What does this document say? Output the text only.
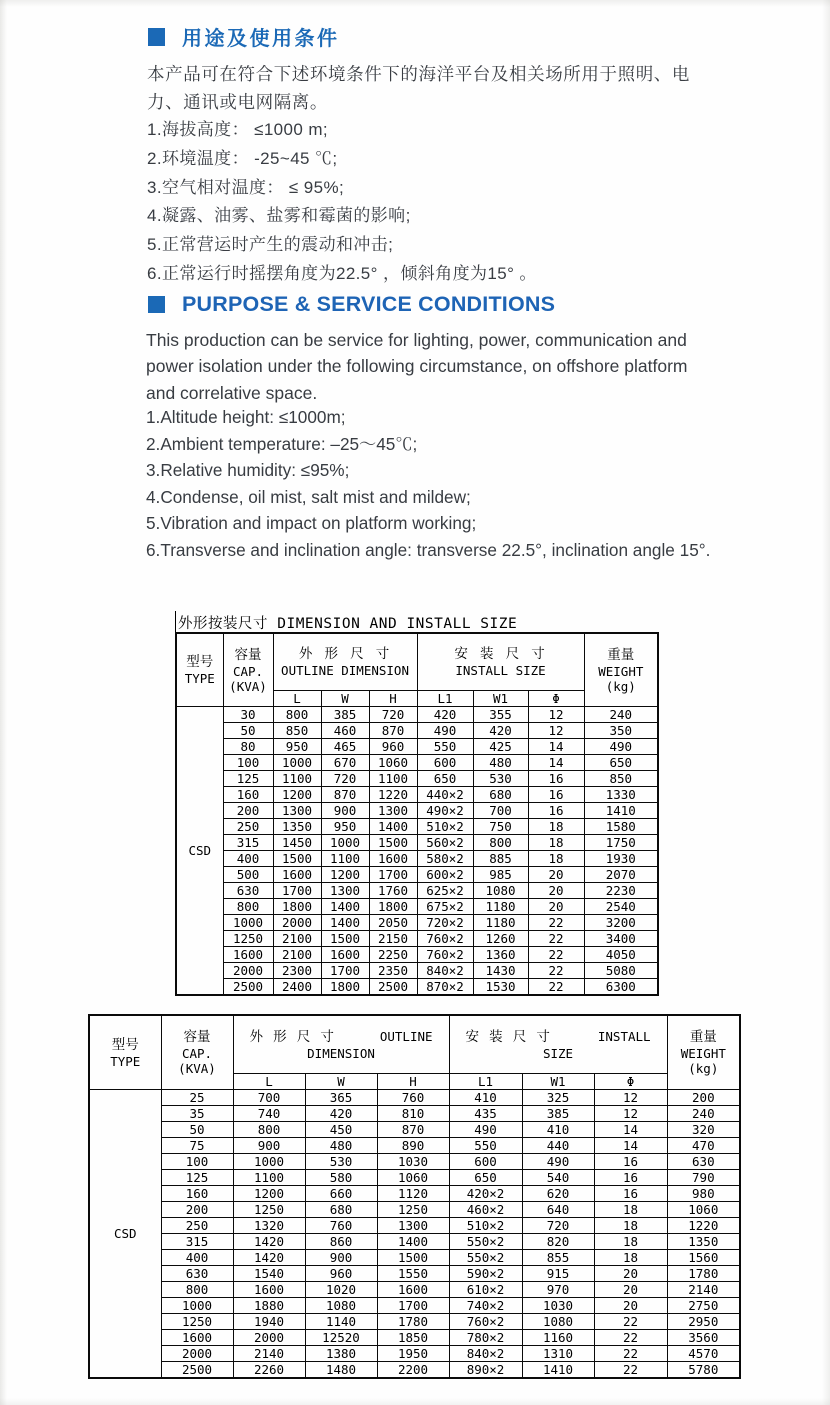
用途及使用条件

本产品可在符合下述环境条件下的海洋平台及相关场所用于照明、电力、通讯或电网隔离。

1.海拔高度： ≤1000 m;
2.环境温度： -25~45 ℃;
3.空气相对温度： ≤ 95%;
4.凝露、油雾、盐雾和霉菌的影响;
5.正常营运时产生的震动和冲击;
6.正常运行时摇摆角度为22.5° ，倾斜角度为15° 。
PURPOSE & SERVICE CONDITIONS

This production can be service for lighting, power, communication and power isolation under the following circumstance, on offshore platform and correlative space.

1.Altitude height: ≤1000m;
2.Ambient temperature: –25～45℃;
3.Relative humidity: ≤95%;
4.Condense, oil mist, salt mist and mildew;
5.Vibration and impact on platform working;
6.Transverse and inclination angle: transverse 22.5°, inclination angle 15°.
外形按装尺寸 DIMENSION AND INSTALL SIZE
型号
TYPE

容量
CAP.
(KVA)

外 形 尺 寸
OUTLINE DIMENSION

安 装 尺 寸
INSTALL SIZE

重量
WEIGHT
(kg)

		L	W	H	L1	W1	Φ	
CSD	30	800	385	720	420	355	12	240
	50	850	460	870	490	420	12	350
	80	950	465	960	550	425	14	490
	100	1000	670	1060	600	480	14	650
	125	1100	720	1100	650	530	16	850
	160	1200	870	1220	440×2	680	16	1330
	200	1300	900	1300	490×2	700	16	1410
	250	1350	950	1400	510×2	750	18	1580
	315	1450	1000	1500	560×2	800	18	1750
	400	1500	1100	1600	580×2	885	18	1930
	500	1600	1200	1700	600×2	985	20	2070
	630	1700	1300	1760	625×2	1080	20	2230
	800	1800	1400	1800	675×2	1180	20	2540
	1000	2000	1400	2050	720×2	1180	22	3200
	1250	2100	1500	2150	760×2	1260	22	3400
	1600	2100	1600	2250	760×2	1360	22	4050
	2000	2300	1700	2350	840×2	1430	22	5080
	2500	2400	1800	2500	870×2	1530	22	6300
型号
TYPE

容量
CAP.
(KVA)

外 形 尺 寸	OUTLINE
DIMENSION

安 装 尺 寸	INSTALL
SIZE

重量
WEIGHT
(kg)

		L	W	H	L1	W1	Φ	
CSD	25	700	365	760	410	325	12	200
	35	740	420	810	435	385	12	240
	50	800	450	870	490	410	14	320
	75	900	480	890	550	440	14	470
	100	1000	530	1030	600	490	16	630
	125	1100	580	1060	650	540	16	790
	160	1200	660	1120	420×2	620	16	980
	200	1250	680	1250	460×2	640	18	1060
	250	1320	760	1300	510×2	720	18	1220
	315	1420	860	1400	550×2	820	18	1350
	400	1420	900	1500	550×2	855	18	1560
	630	1540	960	1550	590×2	915	20	1780
	800	1600	1020	1600	610×2	970	20	2140
	1000	1880	1080	1700	740×2	1030	20	2750
	1250	1940	1140	1780	760×2	1080	22	2950
	1600	2000	12520	1850	780×2	1160	22	3560
	2000	2140	1380	1950	840×2	1310	22	4570
	2500	2260	1480	2200	890×2	1410	22	5780
